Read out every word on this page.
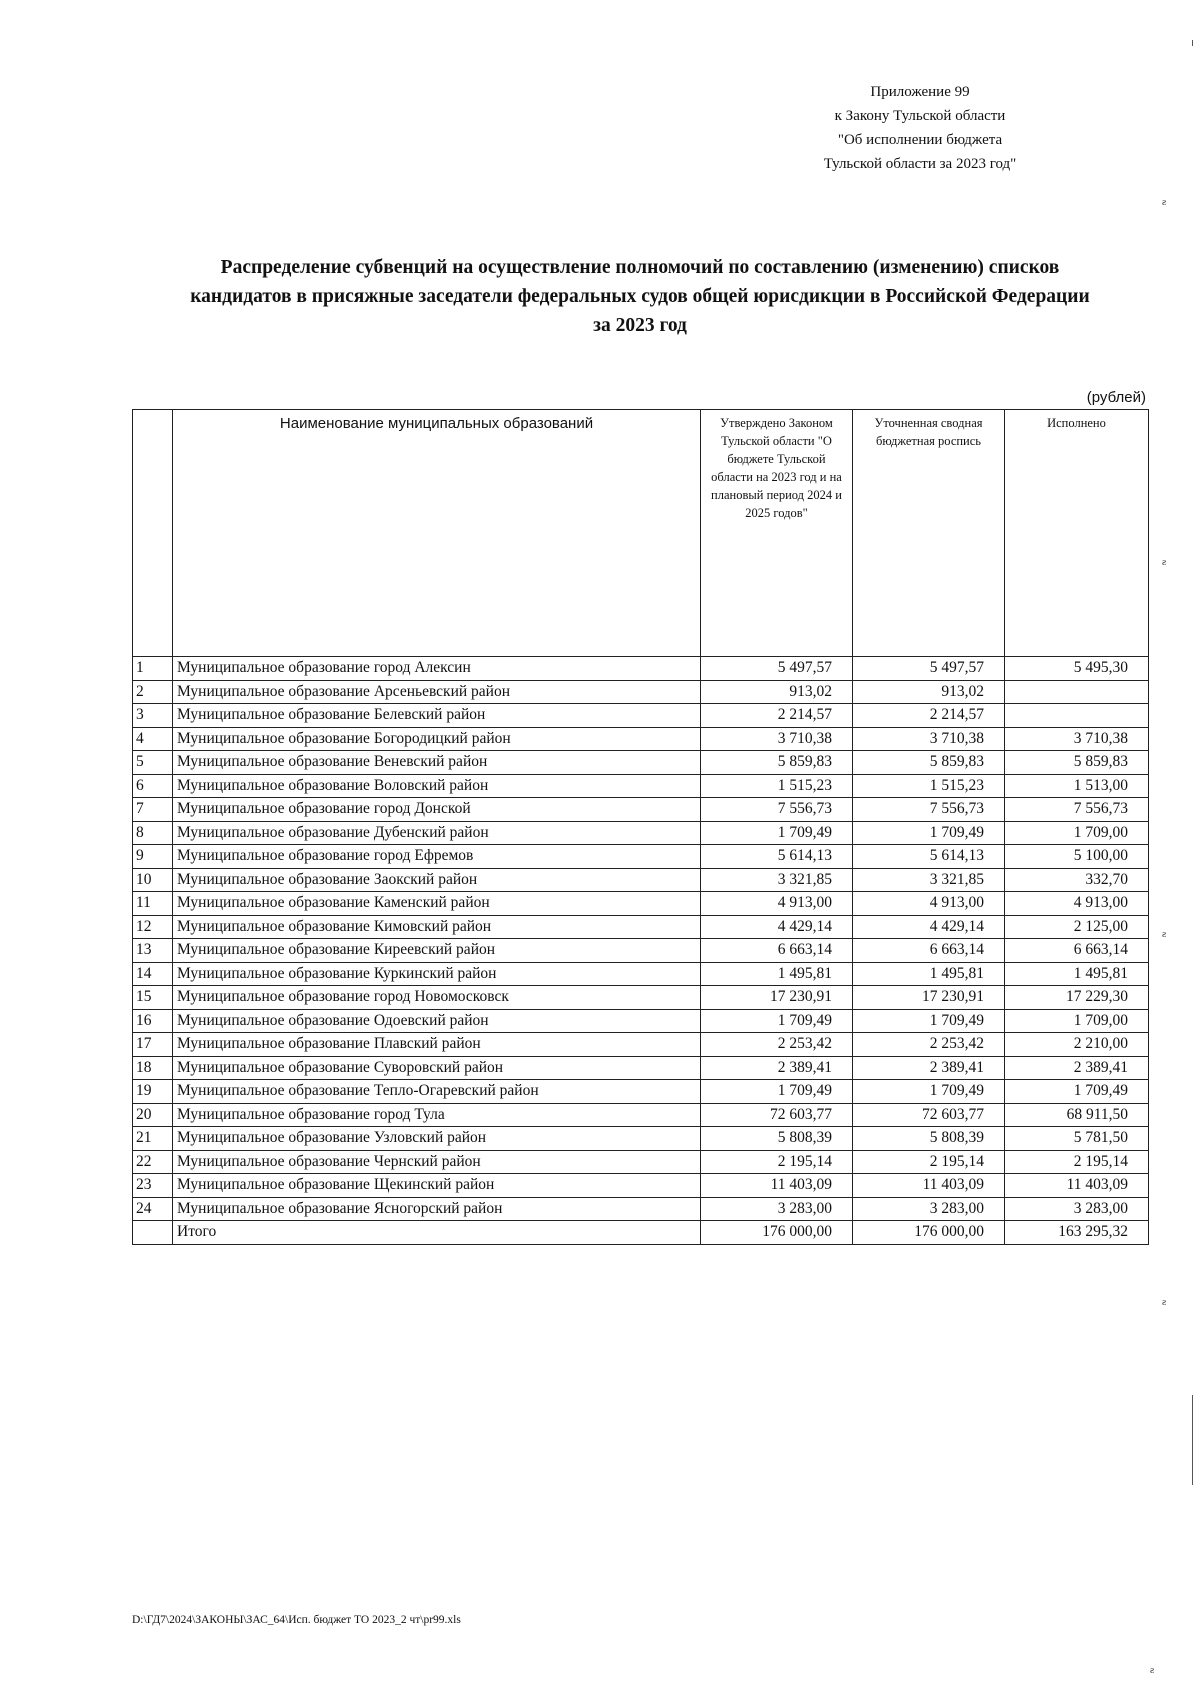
Приложение 99
к Закону Тульской области
"Об исполнении бюджета
Тульской области за 2023 год"
Распределение субвенций на осуществление полномочий по составлению (изменению) списков
кандидатов в присяжные заседатели федеральных судов общей юрисдикции в Российской Федерации
за 2023 год
(рублей)
	Наименование муниципальных образований	Утверждено Законом Тульской области "О бюджете Тульской области на 2023 год и на плановый период 2024 и 2025 годов"	Уточненная сводная бюджетная роспись	Исполнено
1	Муниципальное образование город Алексин	5 497,57	5 497,57	5 495,30
2	Муниципальное образование Арсеньевский район	913,02	913,02	
3	Муниципальное образование Белевский район	2 214,57	2 214,57	
4	Муниципальное образование Богородицкий район	3 710,38	3 710,38	3 710,38
5	Муниципальное образование Веневский район	5 859,83	5 859,83	5 859,83
6	Муниципальное образование Воловский район	1 515,23	1 515,23	1 513,00
7	Муниципальное образование город Донской	7 556,73	7 556,73	7 556,73
8	Муниципальное образование Дубенский район	1 709,49	1 709,49	1 709,00
9	Муниципальное образование город Ефремов	5 614,13	5 614,13	5 100,00
10	Муниципальное образование Заокский район	3 321,85	3 321,85	332,70
11	Муниципальное образование Каменский район	4 913,00	4 913,00	4 913,00
12	Муниципальное образование Кимовский район	4 429,14	4 429,14	2 125,00
13	Муниципальное образование Киреевский район	6 663,14	6 663,14	6 663,14
14	Муниципальное образование Куркинский район	1 495,81	1 495,81	1 495,81
15	Муниципальное образование город Новомосковск	17 230,91	17 230,91	17 229,30
16	Муниципальное образование Одоевский район	1 709,49	1 709,49	1 709,00
17	Муниципальное образование Плавский район	2 253,42	2 253,42	2 210,00
18	Муниципальное образование Суворовский район	2 389,41	2 389,41	2 389,41
19	Муниципальное образование Тепло-Огаревский район	1 709,49	1 709,49	1 709,49
20	Муниципальное образование город Тула	72 603,77	72 603,77	68 911,50
21	Муниципальное образование Узловский район	5 808,39	5 808,39	5 781,50
22	Муниципальное образование Чернский район	2 195,14	2 195,14	2 195,14
23	Муниципальное образование Щекинский район	11 403,09	11 403,09	11 403,09
24	Муниципальное образование Ясногорский район	3 283,00	3 283,00	3 283,00
	Итого	176 000,00	176 000,00	163 295,32
D:\ГД7\2024\ЗАКОНЫ\ЗАС_64\Исп. бюджет ТО 2023_2 чт\pr99.xls
ƨ
ƨ
ƨ
ƨ
ƨ
